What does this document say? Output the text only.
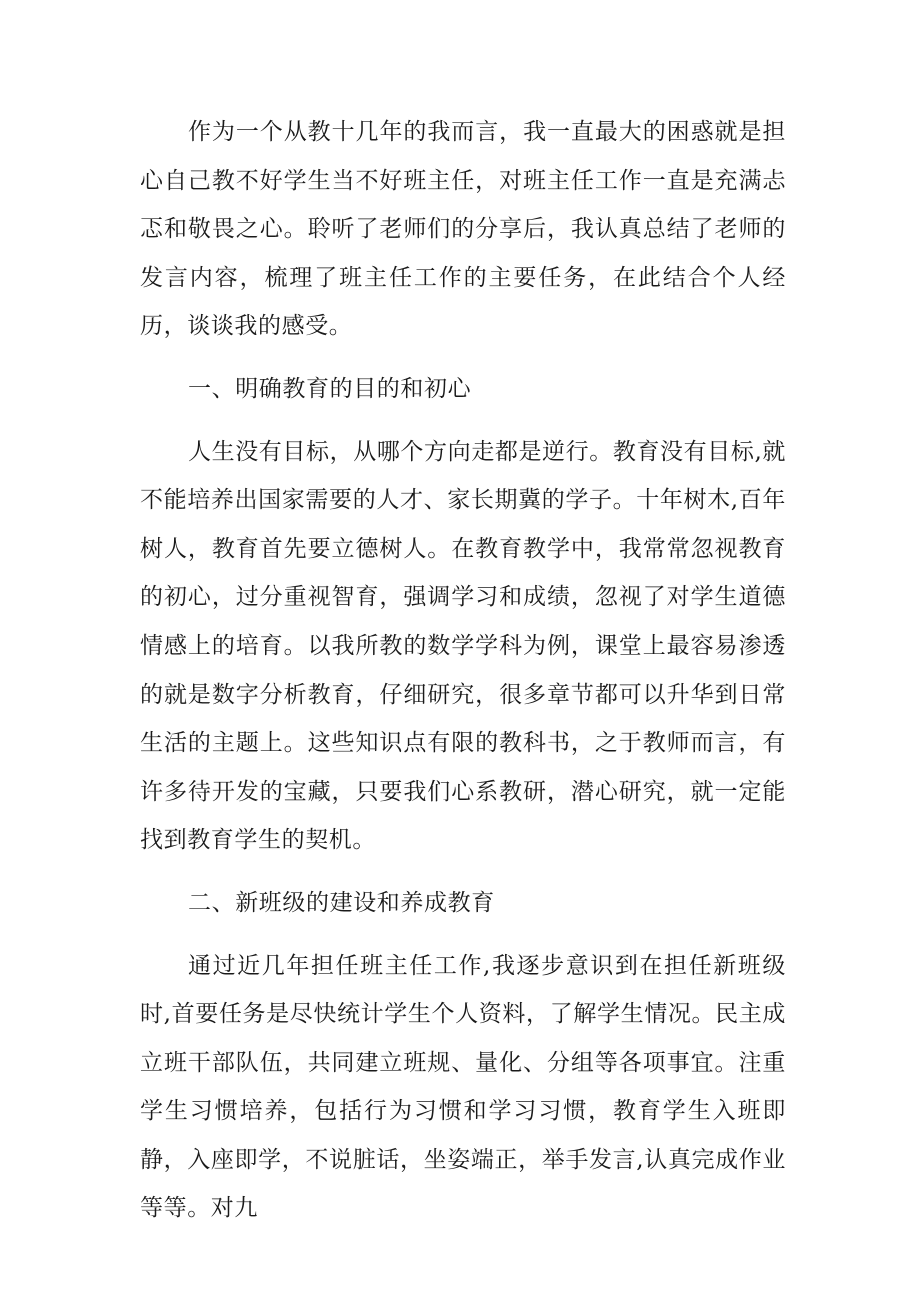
作为一个从教十几年的我而言，我一直最大的困惑就是担心自己教不好学生当不好班主任，对班主任工作一直是充满忐忑和敬畏之心。聆听了老师们的分享后，我认真总结了老师的发言内容，梳理了班主任工作的主要任务，在此结合个人经历，谈谈我的感受。

一、明确教育的目的和初心

人生没有目标，从哪个方向走都是逆行。教育没有目标,就不能培养出国家需要的人才、家长期冀的学子。十年树木,百年树人，教育首先要立德树人。在教育教学中，我常常忽视教育的初心，过分重视智育，强调学习和成绩，忽视了对学生道德情感上的培育。以我所教的数学学科为例，课堂上最容易渗透的就是数字分析教育，仔细研究，很多章节都可以升华到日常生活的主题上。这些知识点有限的教科书，之于教师而言，有许多待开发的宝藏，只要我们心系教研，潜心研究，就一定能找到教育学生的契机。

二、新班级的建设和养成教育

通过近几年担任班主任工作,我逐步意识到在担任新班级时,首要任务是尽快统计学生个人资料，了解学生情况。民主成立班干部队伍，共同建立班规、量化、分组等各项事宜。注重学生习惯培养，包括行为习惯和学习习惯，教育学生入班即静，入座即学，不说脏话，坐姿端正，举手发言,认真完成作业等等。对九
